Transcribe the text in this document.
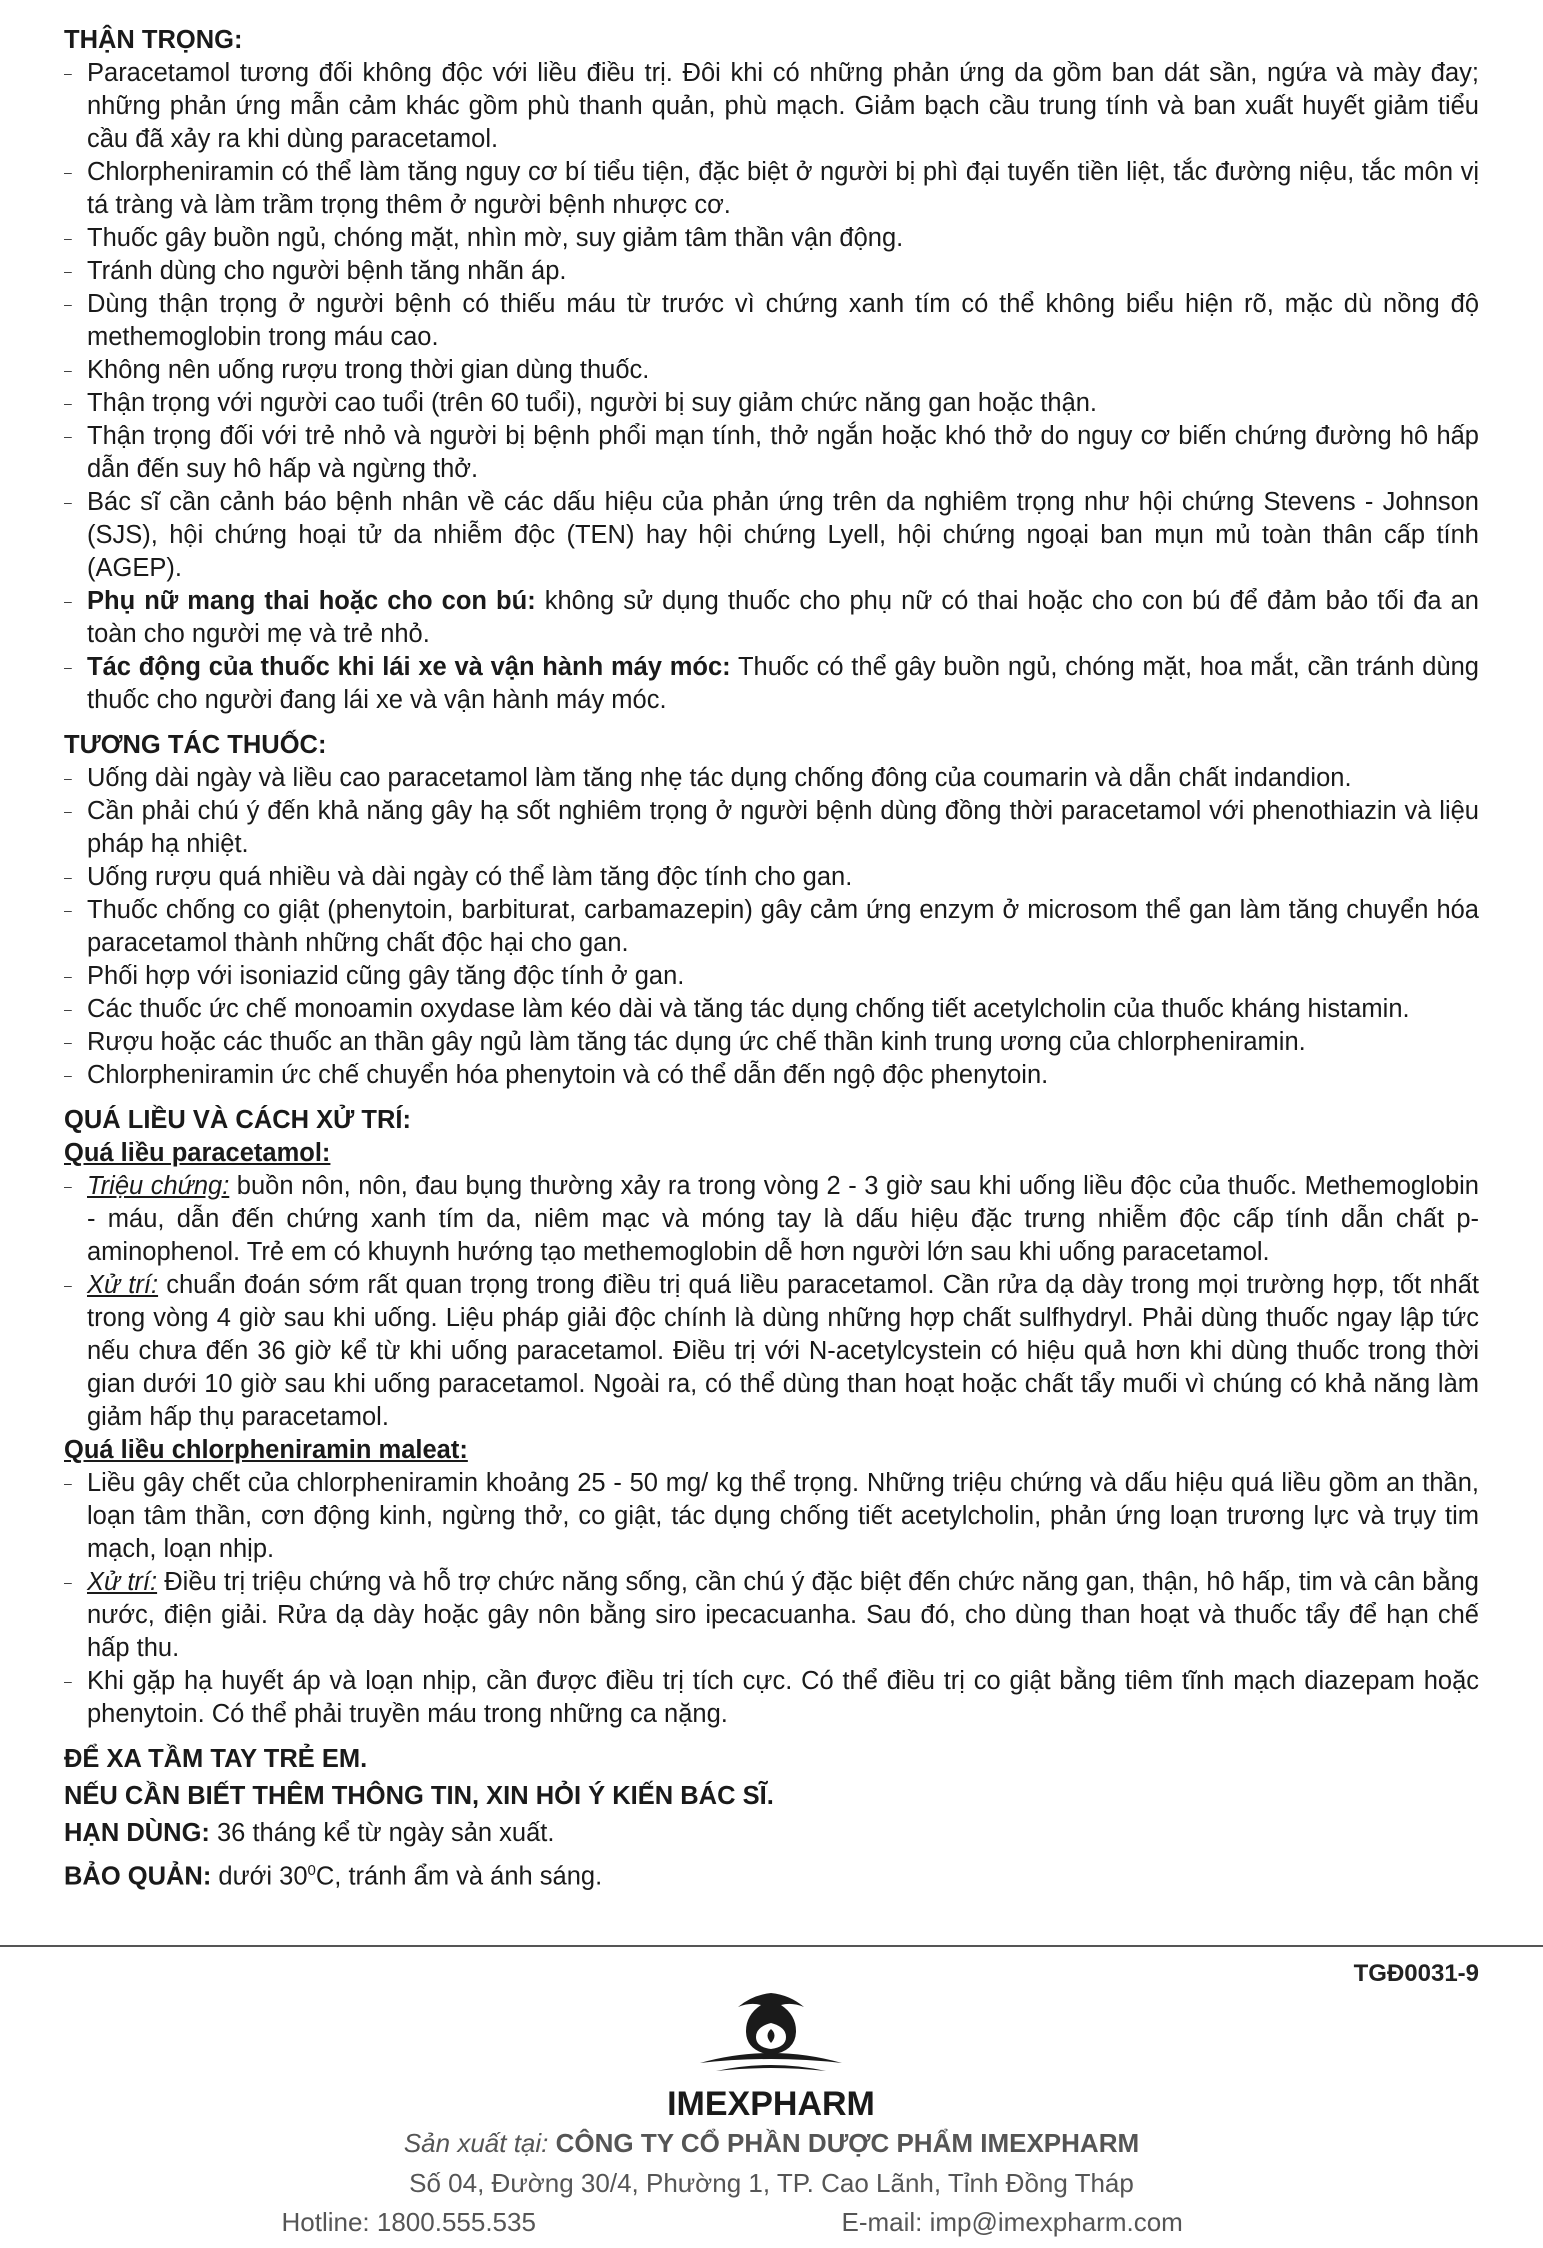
THẬN TRỌNG:

– Paracetamol tương đối không độc với liều điều trị. Đôi khi có những phản ứng da gồm ban dát sần, ngứa và mày đay; những phản ứng mẫn cảm khác gồm phù thanh quản, phù mạch. Giảm bạch cầu trung tính và ban xuất huyết giảm tiểu cầu đã xảy ra khi dùng paracetamol.
– Chlorpheniramin có thể làm tăng nguy cơ bí tiểu tiện, đặc biệt ở người bị phì đại tuyến tiền liệt, tắc đường niệu, tắc môn vị tá tràng và làm trầm trọng thêm ở người bệnh nhược cơ.
– Thuốc gây buồn ngủ, chóng mặt, nhìn mờ, suy giảm tâm thần vận động.
– Tránh dùng cho người bệnh tăng nhãn áp.
– Dùng thận trọng ở người bệnh có thiếu máu từ trước vì chứng xanh tím có thể không biểu hiện rõ, mặc dù nồng độ methemoglobin trong máu cao.
– Không nên uống rượu trong thời gian dùng thuốc.
– Thận trọng với người cao tuổi (trên 60 tuổi), người bị suy giảm chức năng gan hoặc thận.
– Thận trọng đối với trẻ nhỏ và người bị bệnh phổi mạn tính, thở ngắn hoặc khó thở do nguy cơ biến chứng đường hô hấp dẫn đến suy hô hấp và ngừng thở.
– Bác sĩ cần cảnh báo bệnh nhân về các dấu hiệu của phản ứng trên da nghiêm trọng như hội chứng Stevens - Johnson (SJS), hội chứng hoại tử da nhiễm độc (TEN) hay hội chứng Lyell, hội chứng ngoại ban mụn mủ toàn thân cấp tính (AGEP).
– Phụ nữ mang thai hoặc cho con bú: không sử dụng thuốc cho phụ nữ có thai hoặc cho con bú để đảm bảo tối đa an toàn cho người mẹ và trẻ nhỏ.
– Tác động của thuốc khi lái xe và vận hành máy móc: Thuốc có thể gây buồn ngủ, chóng mặt, hoa mắt, cần tránh dùng thuốc cho người đang lái xe và vận hành máy móc.

TƯƠNG TÁC THUỐC:

– Uống dài ngày và liều cao paracetamol làm tăng nhẹ tác dụng chống đông của coumarin và dẫn chất indandion.
– Cần phải chú ý đến khả năng gây hạ sốt nghiêm trọng ở người bệnh dùng đồng thời paracetamol với phenothiazin và liệu pháp hạ nhiệt.
– Uống rượu quá nhiều và dài ngày có thể làm tăng độc tính cho gan.
– Thuốc chống co giật (phenytoin, barbiturat, carbamazepin) gây cảm ứng enzym ở microsom thể gan làm tăng chuyển hóa paracetamol thành những chất độc hại cho gan.
– Phối hợp với isoniazid cũng gây tăng độc tính ở gan.
– Các thuốc ức chế monoamin oxydase làm kéo dài và tăng tác dụng chống tiết acetylcholin của thuốc kháng histamin.
– Rượu hoặc các thuốc an thần gây ngủ làm tăng tác dụng ức chế thần kinh trung ương của chlorpheniramin.
– Chlorpheniramin ức chế chuyển hóa phenytoin và có thể dẫn đến ngộ độc phenytoin.

QUÁ LIỀU VÀ CÁCH XỬ TRÍ:

Quá liều paracetamol:

– Triệu chứng: buồn nôn, nôn, đau bụng thường xảy ra trong vòng 2 - 3 giờ sau khi uống liều độc của thuốc. Methemoglobin - máu, dẫn đến chứng xanh tím da, niêm mạc và móng tay là dấu hiệu đặc trưng nhiễm độc cấp tính dẫn chất p-aminophenol. Trẻ em có khuynh hướng tạo methemoglobin dễ hơn người lớn sau khi uống paracetamol.
– Xử trí: chuẩn đoán sớm rất quan trọng trong điều trị quá liều paracetamol. Cần rửa dạ dày trong mọi trường hợp, tốt nhất trong vòng 4 giờ sau khi uống. Liệu pháp giải độc chính là dùng những hợp chất sulfhydryl. Phải dùng thuốc ngay lập tức nếu chưa đến 36 giờ kể từ khi uống paracetamol. Điều trị với N-acetylcystein có hiệu quả hơn khi dùng thuốc trong thời gian dưới 10 giờ sau khi uống paracetamol. Ngoài ra, có thể dùng than hoạt hoặc chất tẩy muối vì chúng có khả năng làm giảm hấp thụ paracetamol.

Quá liều chlorpheniramin maleat:

– Liều gây chết của chlorpheniramin khoảng 25 - 50 mg/ kg thể trọng. Những triệu chứng và dấu hiệu quá liều gồm an thần, loạn tâm thần, cơn động kinh, ngừng thở, co giật, tác dụng chống tiết acetylcholin, phản ứng loạn trương lực và trụy tim mạch, loạn nhịp.
– Xử trí: Điều trị triệu chứng và hỗ trợ chức năng sống, cần chú ý đặc biệt đến chức năng gan, thận, hô hấp, tim và cân bằng nước, điện giải. Rửa dạ dày hoặc gây nôn bằng siro ipecacuanha. Sau đó, cho dùng than hoạt và thuốc tẩy để hạn chế hấp thu.
– Khi gặp hạ huyết áp và loạn nhịp, cần được điều trị tích cực. Có thể điều trị co giật bằng tiêm tĩnh mạch diazepam hoặc phenytoin. Có thể phải truyền máu trong những ca nặng.

ĐỂ XA TẦM TAY TRẺ EM.

NẾU CẦN BIẾT THÊM THÔNG TIN, XIN HỎI Ý KIẾN BÁC SĨ.

HẠN DÙNG: 36 tháng kể từ ngày sản xuất.

BẢO QUẢN: dưới $30^0C$, tránh ẩm và ánh sáng.

TGĐ0031-9
IMEXPHARM
Sản xuất tại: CÔNG TY CỔ PHẦN DƯỢC PHẨM IMEXPHARM
Số 04, Đường 30/4, Phường 1, TP. Cao Lãnh, Tỉnh Đồng Tháp
Hotline: 1800.555.535	E-mail: imp@imexpharm.com
